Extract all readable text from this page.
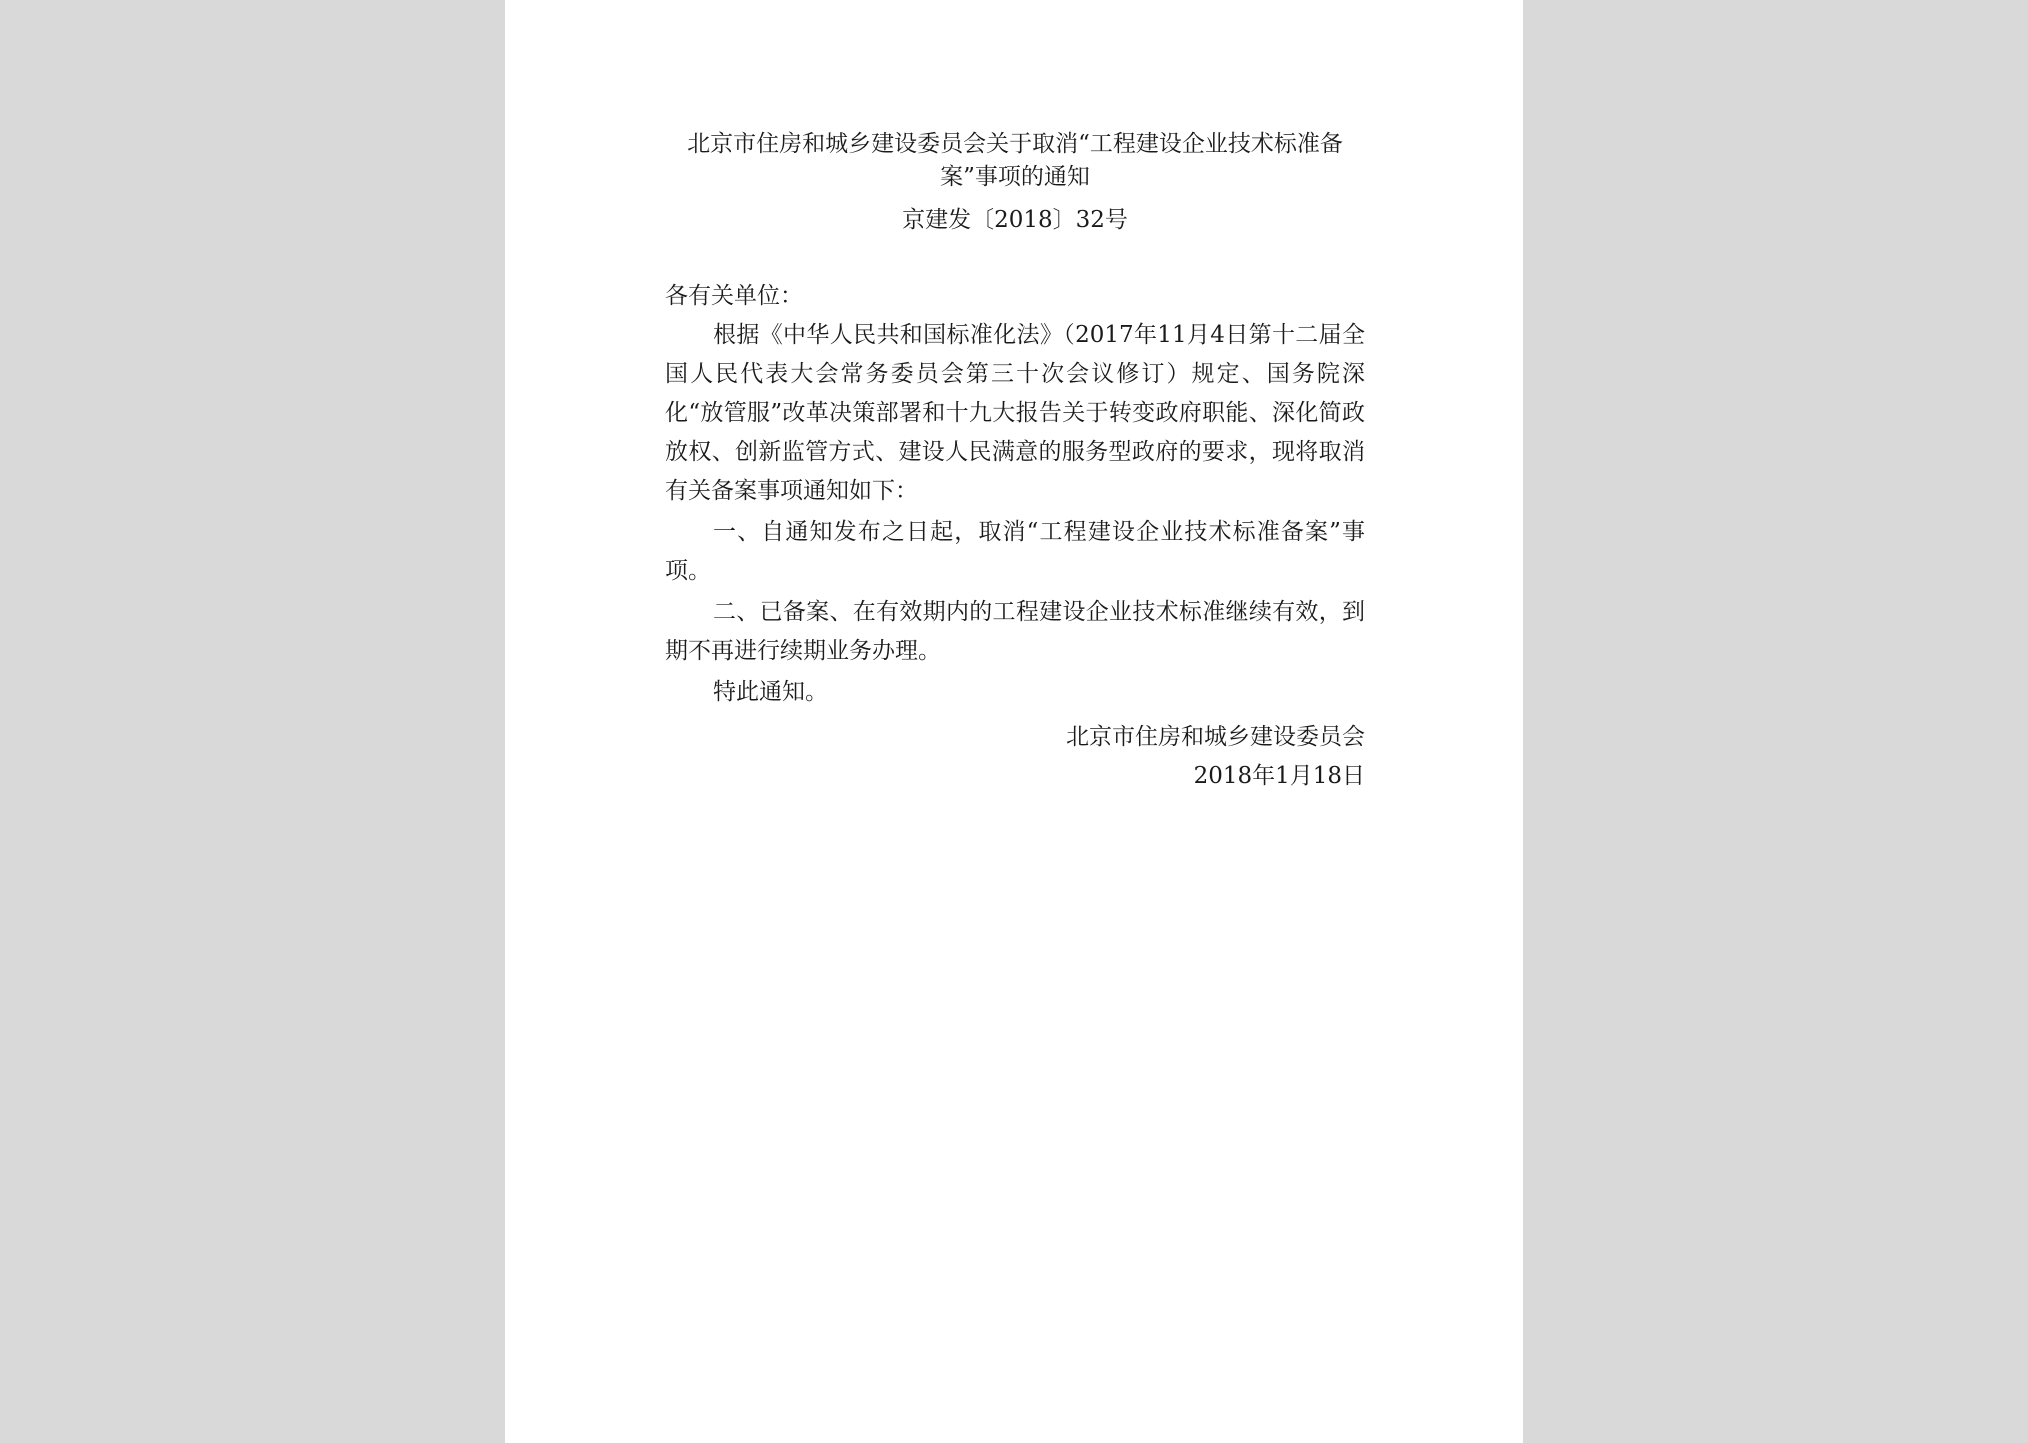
北京市住房和城乡建设委员会关于取消“工程建设企业技术标准备案”事项的通知

京建发〔2018〕32号

各有关单位：

根据《中华人民共和国标准化法》（2017年11月4日第十二届全国人民代表大会常务委员会第三十次会议修订）规定、国务院深化“放管服”改革决策部署和十九大报告关于转变政府职能、深化简政放权、创新监管方式、建设人民满意的服务型政府的要求，现将取消有关备案事项通知如下：

一、自通知发布之日起，取消“工程建设企业技术标准备案”事项。

二、已备案、在有效期内的工程建设企业技术标准继续有效，到期不再进行续期业务办理。

特此通知。

北京市住房和城乡建设委员会

2018年1月18日
